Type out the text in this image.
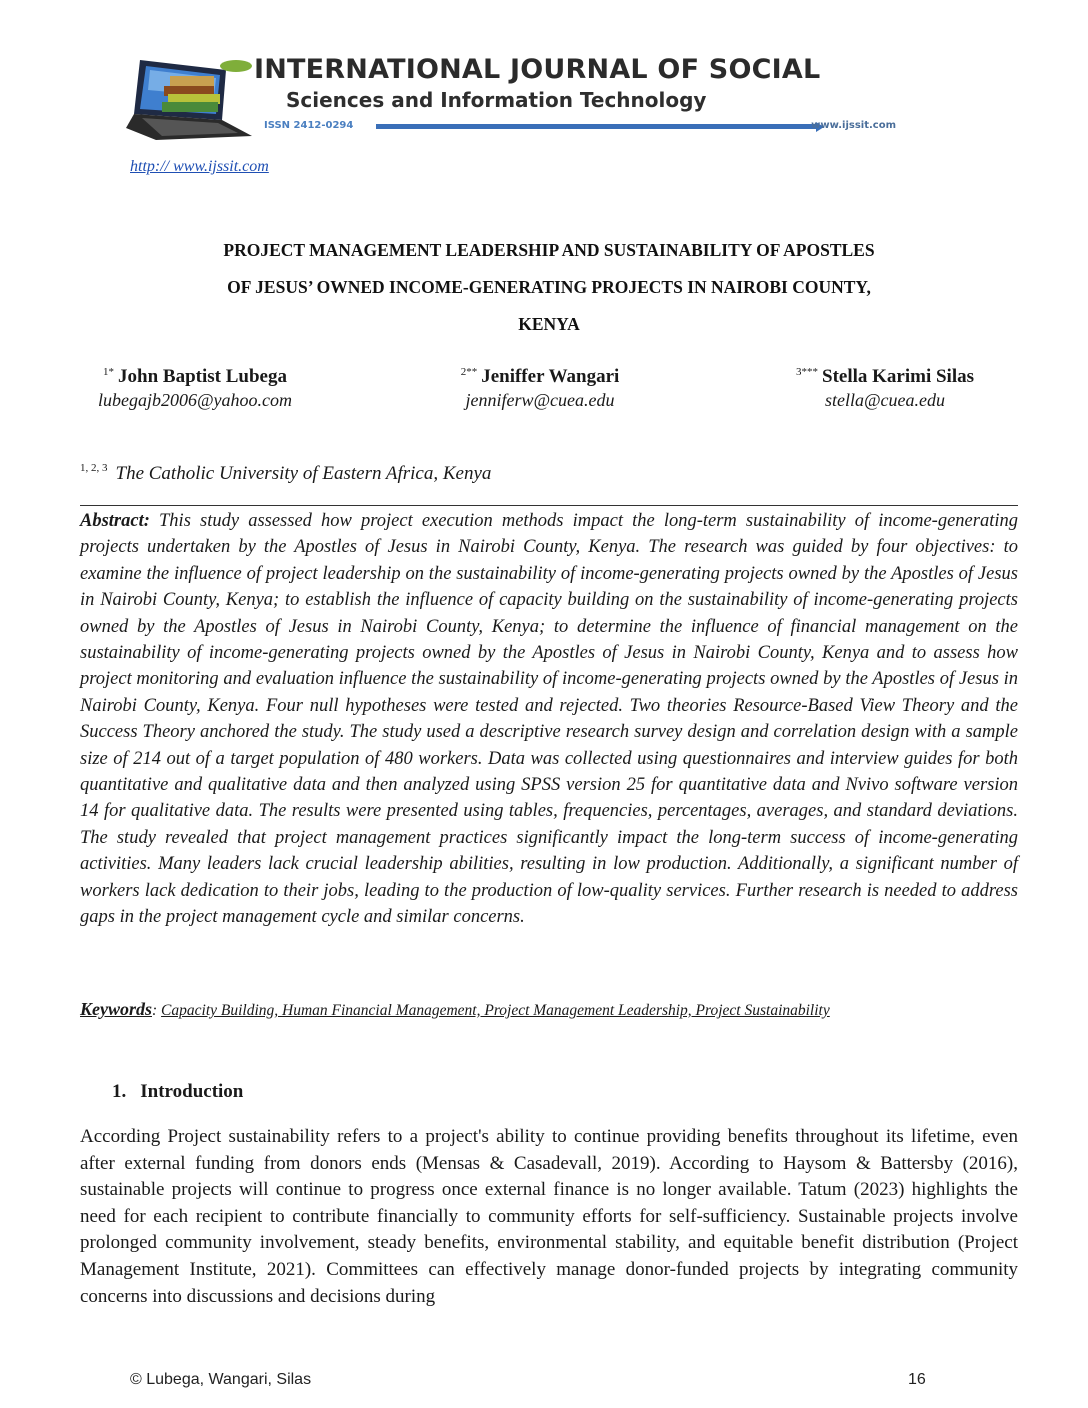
INTERNATIONAL JOURNAL OF SOCIAL
Sciences and Information Technology
ISSN 2412-0294	www.ijssit.com
http:// www.ijssit.com
PROJECT MANAGEMENT LEADERSHIP AND SUSTAINABILITY OF APOSTLES
OF JESUS’ OWNED INCOME-GENERATING PROJECTS IN NAIROBI COUNTY,
KENYA
$^{1*}$ John Baptist Lubega
lubegajb2006@yahoo.com
$^{2**}$ Jeniffer Wangari
jenniferw@cuea.edu
$^{3***}$ Stella Karimi Silas
stella@cuea.edu
$^{1, 2, 3}$ The Catholic University of Eastern Africa, Kenya
Abstract: This study assessed how project execution methods impact the long-term sustainability of income-generating projects undertaken by the Apostles of Jesus in Nairobi County, Kenya. The research was guided by four objectives: to examine the influence of project leadership on the sustainability of income-generating projects owned by the Apostles of Jesus in Nairobi County, Kenya; to establish the influence of capacity building on the sustainability of income-generating projects owned by the Apostles of Jesus in Nairobi County, Kenya; to determine the influence of financial management on the sustainability of income-generating projects owned by the Apostles of Jesus in Nairobi County, Kenya and to assess how project monitoring and evaluation influence the sustainability of income-generating projects owned by the Apostles of Jesus in Nairobi County, Kenya. Four null hypotheses were tested and rejected. Two theories Resource-Based View Theory and the Success Theory anchored the study. The study used a descriptive research survey design and correlation design with a sample size of 214 out of a target population of 480 workers. Data was collected using questionnaires and interview guides for both quantitative and qualitative data and then analyzed using SPSS version 25 for quantitative data and Nvivo software version 14 for qualitative data. The results were presented using tables, frequencies, percentages, averages, and standard deviations. The study revealed that project management practices significantly impact the long-term success of income-generating activities. Many leaders lack crucial leadership abilities, resulting in low production. Additionally, a significant number of workers lack dedication to their jobs, leading to the production of low-quality services. Further research is needed to address gaps in the project management cycle and similar concerns.
Keywords: Capacity Building, Human Financial Management, Project Management Leadership, Project Sustainability
1. Introduction
According Project sustainability refers to a project's ability to continue providing benefits throughout its lifetime, even after external funding from donors ends (Mensas & Casadevall, 2019). According to Haysom & Battersby (2016), sustainable projects will continue to progress once external finance is no longer available. Tatum (2023) highlights the need for each recipient to contribute financially to community efforts for self-sufficiency. Sustainable projects involve prolonged community involvement, steady benefits, environmental stability, and equitable benefit distribution (Project Management Institute, 2021). Committees can effectively manage donor-funded projects by integrating community concerns into discussions and decisions during
© Lubega, Wangari, Silas	16
